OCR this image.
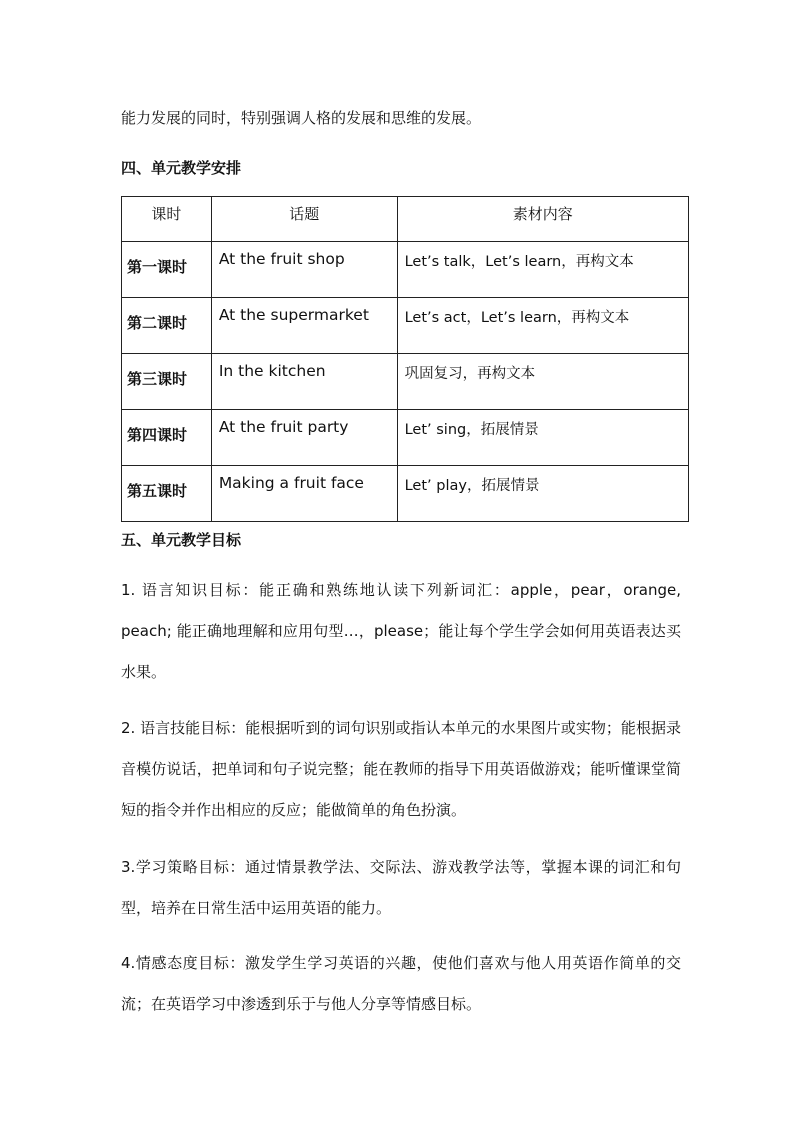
能力发展的同时，特别强调人格的发展和思维的发展。

四、单元教学安排

课时	话题	素材内容
第一课时	At the fruit shop	Let’s talk，Let’s learn，再构文本
第二课时	At the supermarket	Let’s act，Let’s learn，再构文本
第三课时	In the kitchen	巩固复习，再构文本
第四课时	At the fruit party	Let’ sing，拓展情景
第五课时	Making a fruit face	Let’ play，拓展情景

五、单元教学目标

1. 语言知识目标：能正确和熟练地认读下列新词汇：apple，pear，orange, peach; 能正确地理解和应用句型…，please；能让每个学生学会如何用英语表达买水果。

2. 语言技能目标：能根据听到的词句识别或指认本单元的水果图片或实物；能根据录音模仿说话，把单词和句子说完整；能在教师的指导下用英语做游戏；能听懂课堂简短的指令并作出相应的反应；能做简单的角色扮演。

3.学习策略目标：通过情景教学法、交际法、游戏教学法等，掌握本课的词汇和句型，培养在日常生活中运用英语的能力。

4.情感态度目标：激发学生学习英语的兴趣，使他们喜欢与他人用英语作简单的交流；在英语学习中渗透到乐于与他人分享等情感目标。
